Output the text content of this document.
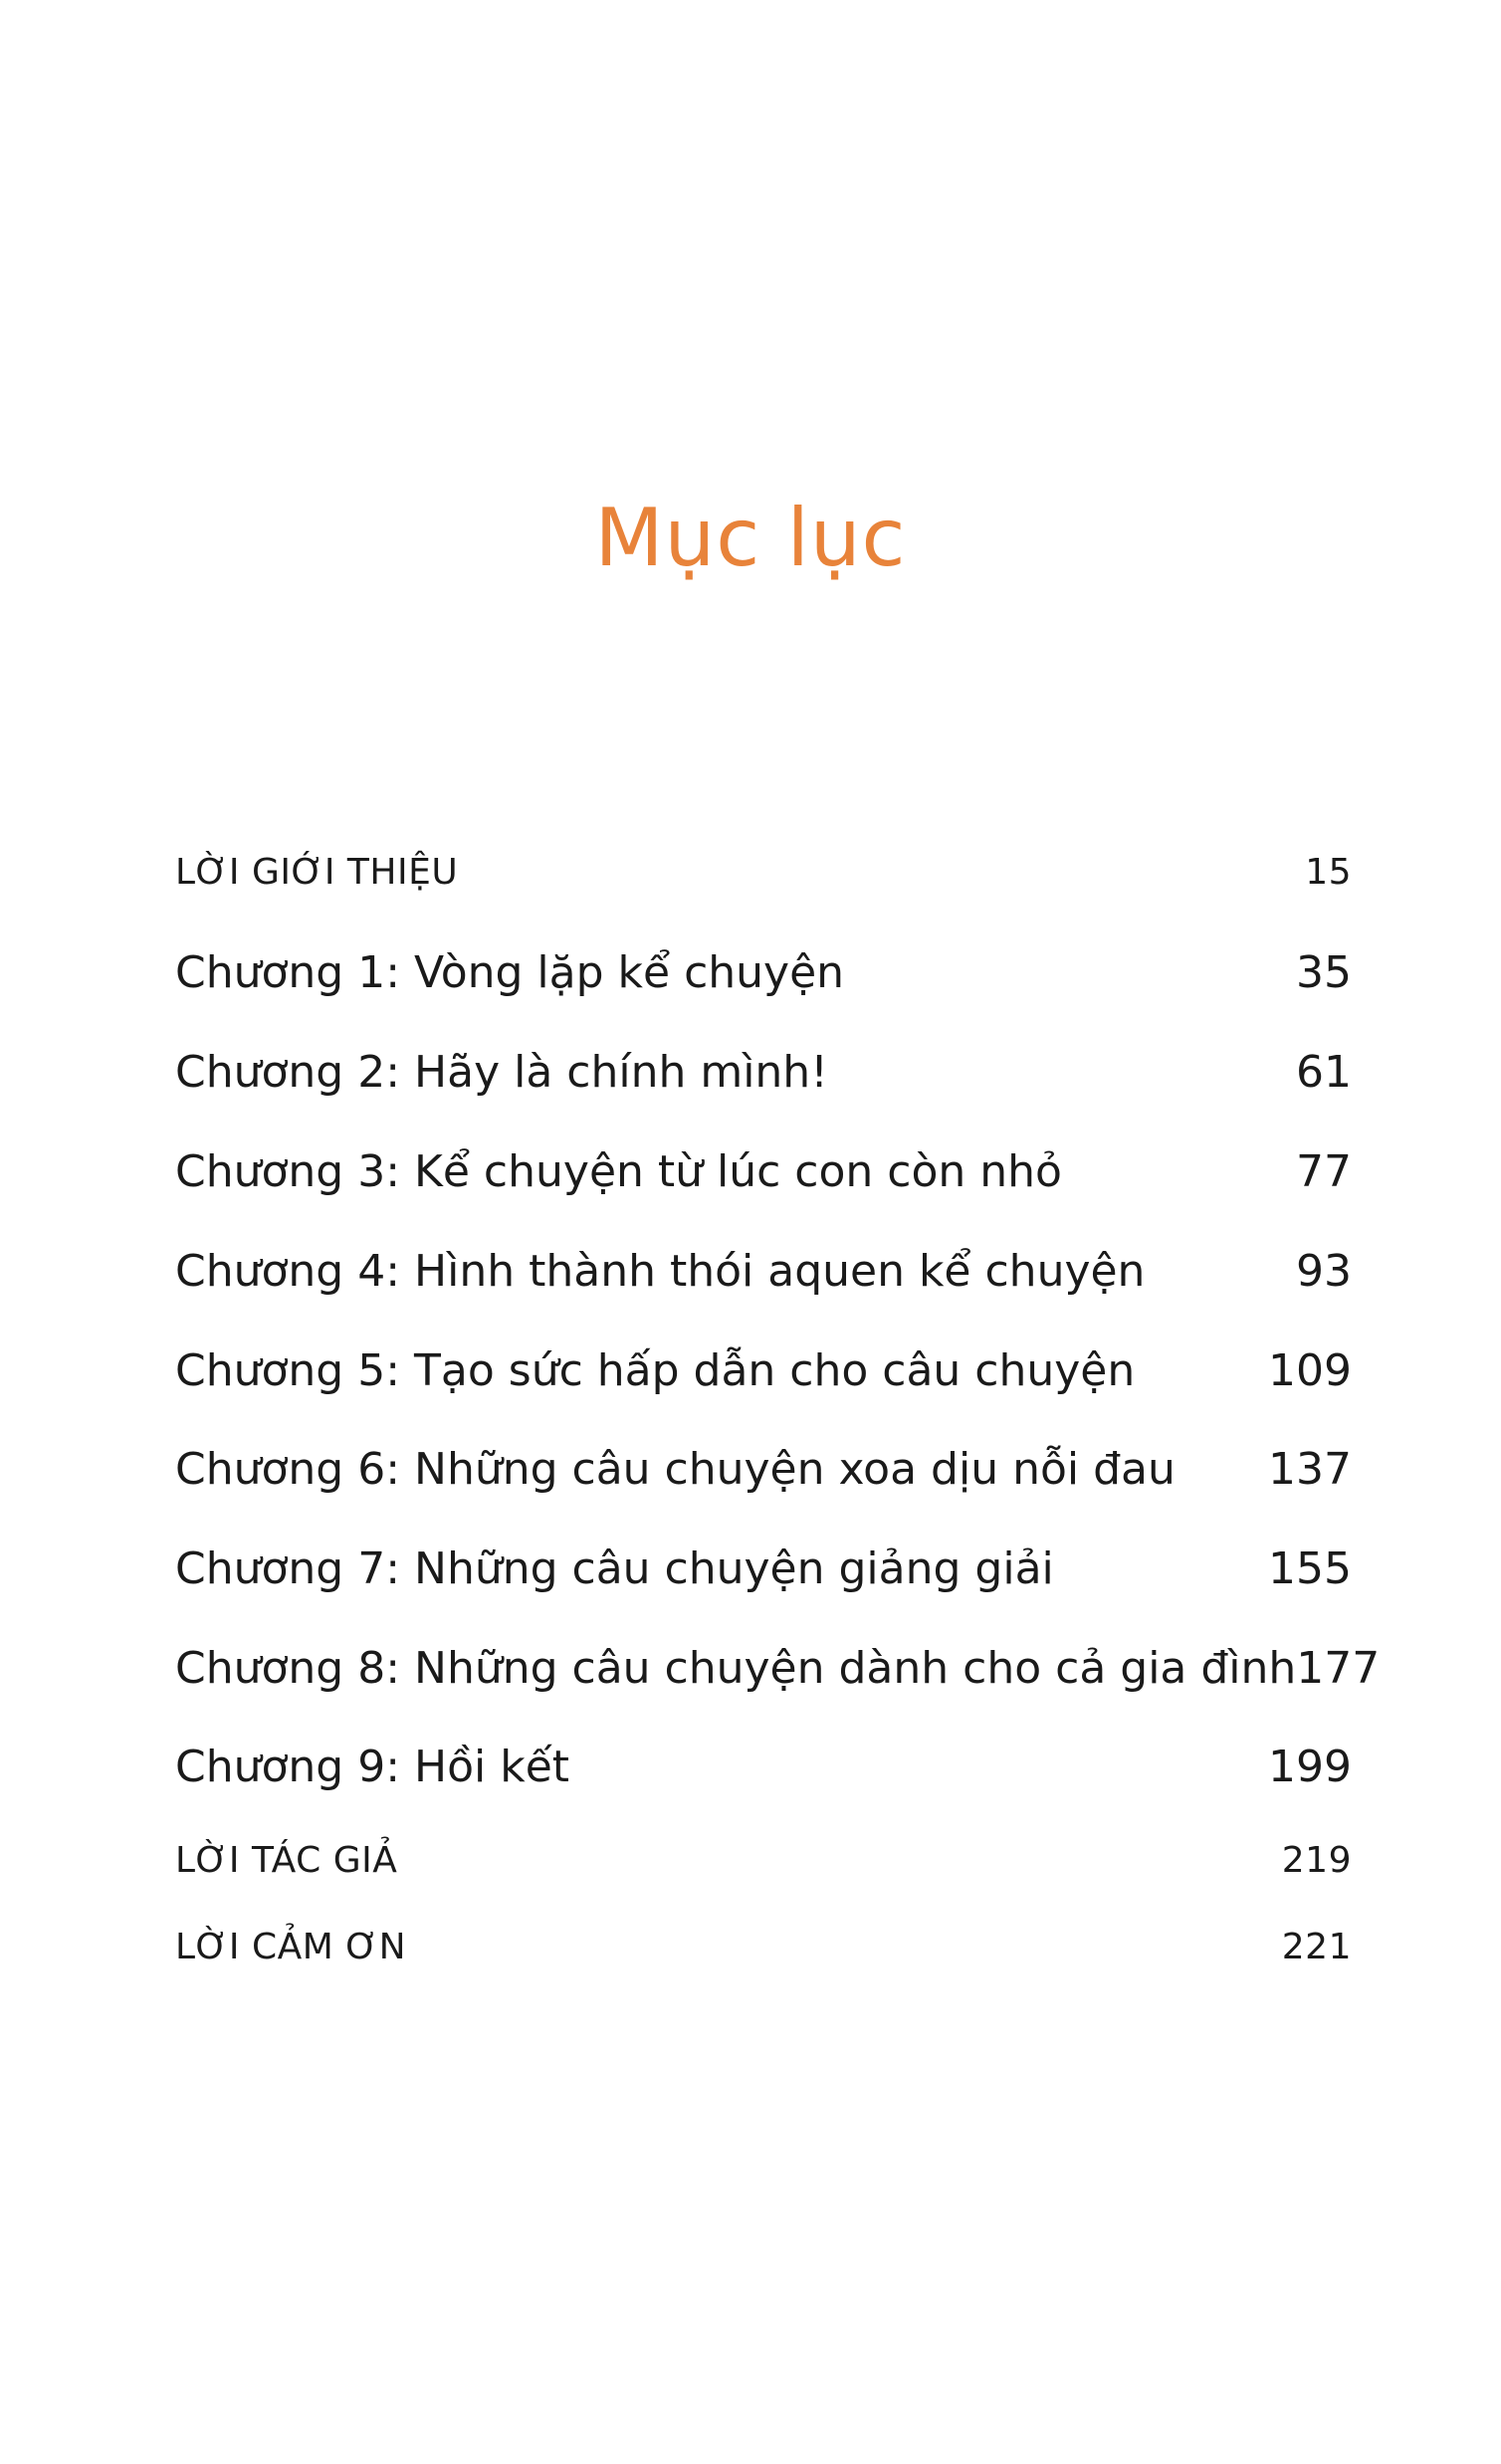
Mục lục
LỜI GIỚI THIỆU	15
Chương 1: Vòng lặp kể chuyện	35
Chương 2: Hãy là chính mình!	61
Chương 3: Kể chuyện từ lúc con còn nhỏ	77
Chương 4: Hình thành thói aquen kể chuyện	93
Chương 5: Tạo sức hấp dẫn cho câu chuyện	109
Chương 6: Những câu chuyện xoa dịu nỗi đau 137
Chương 7: Những câu chuyện giảng giải	155
Chương 8: Những câu chuyện dành cho cả gia đình 177
Chương 9: Hồi kết	199
LỜI TÁC GIẢ	219
LỜI CẢM ƠN	221
